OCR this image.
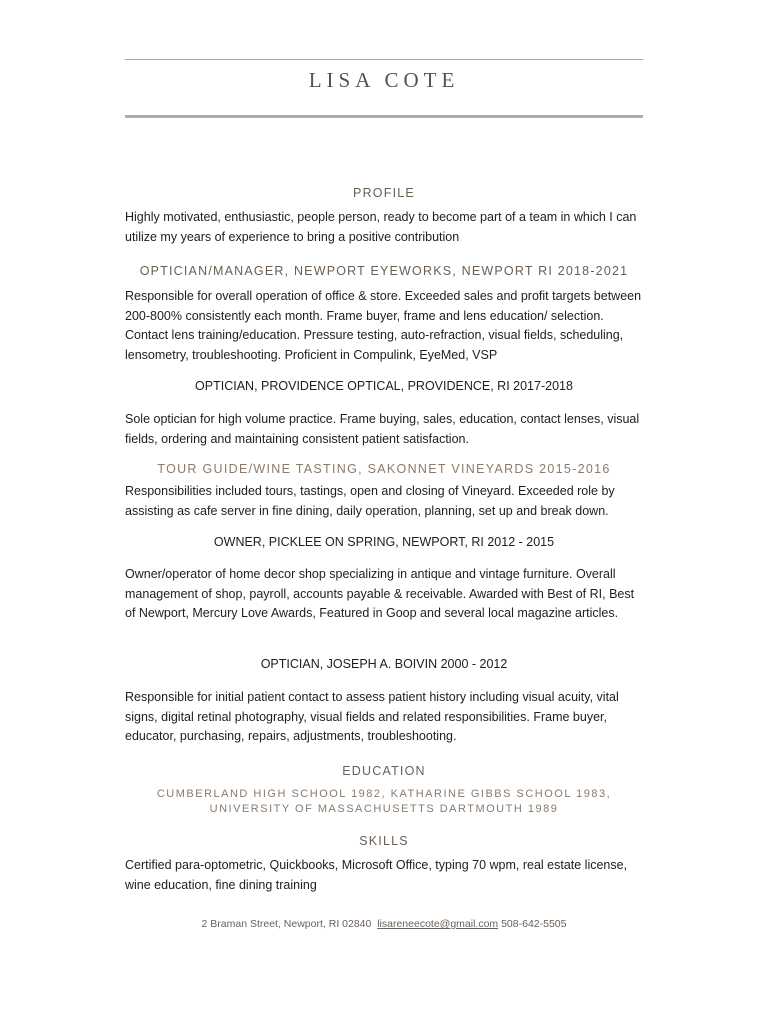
LISA COTE
PROFILE
Highly motivated, enthusiastic, people person, ready to become part of a team in which I can utilize my years of experience to bring a positive contribution
OPTICIAN/MANAGER, NEWPORT EYEWORKS, NEWPORT RI 2018-2021
Responsible for overall operation of office & store. Exceeded sales and profit targets between 200-800% consistently each month. Frame buyer, frame and lens education/ selection. Contact lens training/education. Pressure testing, auto-refraction, visual fields, scheduling, lensometry, troubleshooting. Proficient in Compulink, EyeMed, VSP
OPTICIAN, PROVIDENCE OPTICAL, PROVIDENCE, RI 2017-2018
Sole optician for high volume practice. Frame buying, sales, education, contact lenses, visual fields, ordering and maintaining consistent patient satisfaction.
TOUR GUIDE/WINE TASTING, SAKONNET VINEYARDS 2015-2016
Responsibilities included tours, tastings, open and closing of Vineyard. Exceeded role by assisting as cafe server in fine dining, daily operation, planning, set up and break down.
OWNER, PICKLEE ON SPRING, NEWPORT, RI 2012 - 2015
Owner/operator of home decor shop specializing in antique and vintage furniture. Overall management of shop, payroll, accounts payable & receivable. Awarded with Best of RI, Best of Newport, Mercury Love Awards, Featured in Goop and several local magazine articles.
OPTICIAN, JOSEPH A. BOIVIN 2000 - 2012
Responsible for initial patient contact to assess patient history including visual acuity, vital signs, digital retinal photography, visual fields and related responsibilities. Frame buyer, educator, purchasing, repairs, adjustments, troubleshooting.
EDUCATION
CUMBERLAND HIGH SCHOOL 1982, KATHARINE GIBBS SCHOOL 1983, UNIVERSITY OF MASSACHUSETTS DARTMOUTH 1989
SKILLS
Certified para-optometric, Quickbooks, Microsoft Office, typing 70 wpm, real estate license, wine education, fine dining training
2 Braman Street, Newport, RI 02840 lisareneecote@gmail.com 508-642-5505
